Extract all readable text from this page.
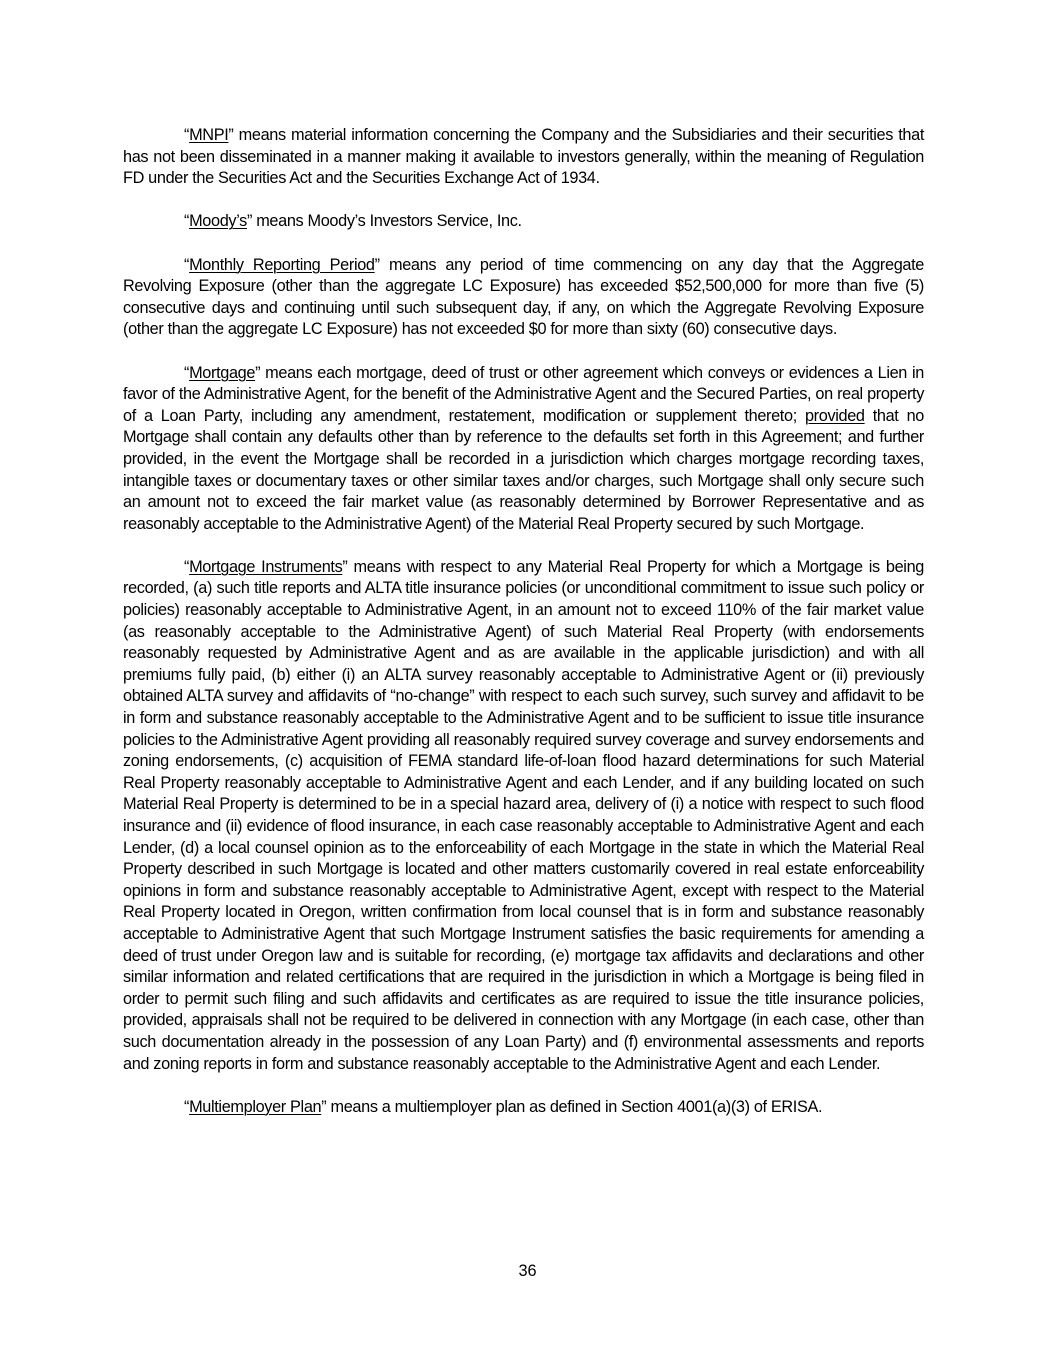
“MNPI” means material information concerning the Company and the Subsidiaries and their securities that has not been disseminated in a manner making it available to investors generally, within the meaning of Regulation FD under the Securities Act and the Securities Exchange Act of 1934.

“Moody’s” means Moody’s Investors Service, Inc.

“Monthly Reporting Period” means any period of time commencing on any day that the Aggregate Revolving Exposure (other than the aggregate LC Exposure) has exceeded $52,500,000 for more than five (5) consecutive days and continuing until such subsequent day, if any, on which the Aggregate Revolving Exposure (other than the aggregate LC Exposure) has not exceeded $0 for more than sixty (60) consecutive days.

“Mortgage” means each mortgage, deed of trust or other agreement which conveys or evidences a Lien in favor of the Administrative Agent, for the benefit of the Administrative Agent and the Secured Parties, on real property of a Loan Party, including any amendment, restatement, modification or supplement thereto; provided that no Mortgage shall contain any defaults other than by reference to the defaults set forth in this Agreement; and further provided, in the event the Mortgage shall be recorded in a jurisdiction which charges mortgage recording taxes, intangible taxes or documentary taxes or other similar taxes and/or charges, such Mortgage shall only secure such an amount not to exceed the fair market value (as reasonably determined by Borrower Representative and as reasonably acceptable to the Administrative Agent) of the Material Real Property secured by such Mortgage.

“Mortgage Instruments” means with respect to any Material Real Property for which a Mortgage is being recorded, (a) such title reports and ALTA title insurance policies (or unconditional commitment to issue such policy or policies) reasonably acceptable to Administrative Agent, in an amount not to exceed 110% of the fair market value (as reasonably acceptable to the Administrative Agent) of such Material Real Property (with endorsements reasonably requested by Administrative Agent and as are available in the applicable jurisdiction) and with all premiums fully paid, (b) either (i) an ALTA survey reasonably acceptable to Administrative Agent or (ii) previously obtained ALTA survey and affidavits of “no-change” with respect to each such survey, such survey and affidavit to be in form and substance reasonably acceptable to the Administrative Agent and to be sufficient to issue title insurance policies to the Administrative Agent providing all reasonably required survey coverage and survey endorsements and zoning endorsements, (c) acquisition of FEMA standard life-of-loan flood hazard determinations for such Material Real Property reasonably acceptable to Administrative Agent and each Lender, and if any building located on such Material Real Property is determined to be in a special hazard area, delivery of (i) a notice with respect to such flood insurance and (ii) evidence of flood insurance, in each case reasonably acceptable to Administrative Agent and each Lender, (d) a local counsel opinion as to the enforceability of each Mortgage in the state in which the Material Real Property described in such Mortgage is located and other matters customarily covered in real estate enforceability opinions in form and substance reasonably acceptable to Administrative Agent, except with respect to the Material Real Property located in Oregon, written confirmation from local counsel that is in form and substance reasonably acceptable to Administrative Agent that such Mortgage Instrument satisfies the basic requirements for amending a deed of trust under Oregon law and is suitable for recording, (e) mortgage tax affidavits and declarations and other similar information and related certifications that are required in the jurisdiction in which a Mortgage is being filed in order to permit such filing and such affidavits and certificates as are required to issue the title insurance policies, provided, appraisals shall not be required to be delivered in connection with any Mortgage (in each case, other than such documentation already in the possession of any Loan Party) and (f) environmental assessments and reports and zoning reports in form and substance reasonably acceptable to the Administrative Agent and each Lender.

“Multiemployer Plan” means a multiemployer plan as defined in Section 4001(a)(3) of ERISA.

36
